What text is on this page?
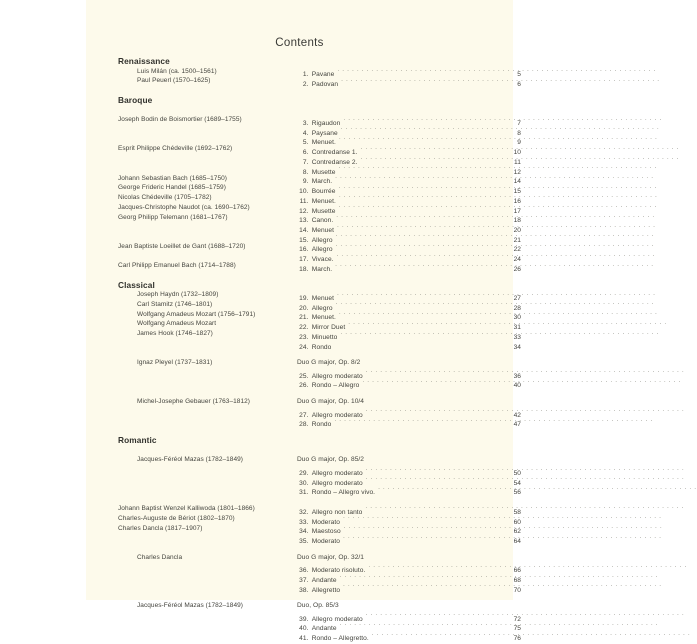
Contents
Renaissance
Luis Milán (ca. 1500–1561)
1. Pavane . . .	5
Paul Peuerl (1570–1625)
2. Padovan . . .	6
Baroque
Joseph Bodin de Boismortier (1689–1755)
3. Rigaudon . . .	7
4. Paysane . . .	8
5. Menuet. . . .	9
Esprit Philippe Chédeville (1692–1762)
6. Contredanse 1. . . .	10
7. Contredanse 2. . . .	11
8. Musette . . .	12
Johann Sebastian Bach (1685–1750)
9. March. . . .	14
George Frideric Handel (1685–1759)
10. Bourrée . . .	15
Nicolas Chédeville (1705–1782)
11. Menuet. . . .	16
Jacques-Christophe Naudot (ca. 1690–1762)
12. Musette . . .	17
Georg Philipp Telemann (1681–1767)
13. Canon. . . .	18
14. Menuet . . .	20
15. Allegro . . .	21
Jean Baptiste Loeillet de Gant (1688–1720)
16. Allegro . . .	22
17. Vivace. . . .	24
Carl Philipp Emanuel Bach (1714–1788)
18. March. . . .	26
Classical
Joseph Haydn (1732–1809)
19. Menuet . . .	27
Carl Stamitz (1746–1801)
20. Allegro . . .	28
Wolfgang Amadeus Mozart (1756–1791)
21. Menuet. . . .	30
Wolfgang Amadeus Mozart
22. Mirror Duet . . .	31
James Hook (1746–1827)
23. Minuetto . . .	33
24. Rondo	34
Ignaz Pleyel (1737–1831)	Duo G major, Op. 8/2
25. Allegro moderato . . .	36
26. Rondo – Allegro . . .	40
Michel-Josephe Gebauer (1763–1812)	Duo G major, Op. 10/4
27. Allegro moderato . . .	42
28. Rondo . . .	47
Romantic
Jacques-Féréol Mazas (1782–1849)	Duo G major, Op. 85/2
29. Allegro moderato . . .	50
30. Allegro moderato . . .	54
31. Rondo – Allegro vivo. . . .	56
Johann Baptist Wenzel Kalliwoda (1801–1866)
32. Allegro non tanto . . .	58
Charles-Auguste de Bériot (1802–1870)
33. Moderato . . .	60
Charles Dancla (1817–1907)
34. Maestoso . . .	62
35. Moderato . . .	64
Charles Dancla	Duo G major, Op. 32/1
36. Moderato risoluto. . . .	66
37. Andante . . .	68
38. Allegretto . . .	70
Jacques-Féréol Mazas (1782–1849)	Duo, Op. 85/3
39. Allegro moderato . . .	72
40. Andante . . .	75
41. Rondo – Allegretto. . . .	76
